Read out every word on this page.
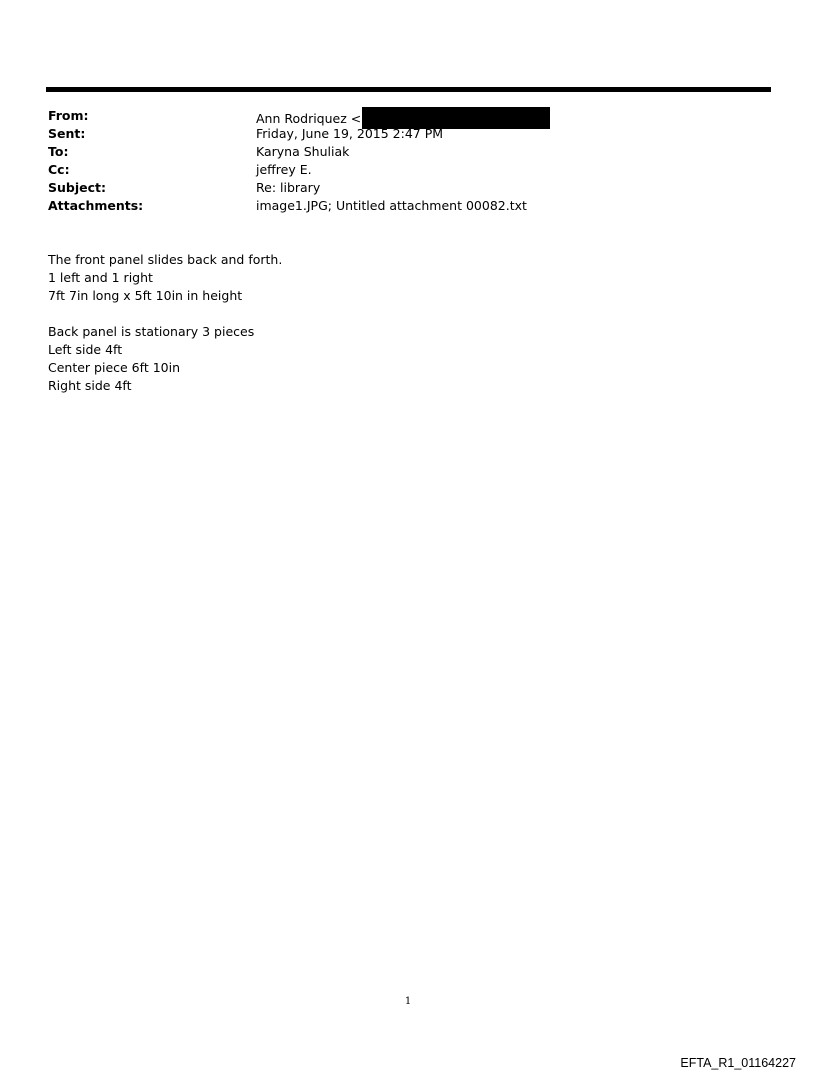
From:	Ann Rodriquez <
Sent:	Friday, June 19, 2015 2:47 PM
To:	Karyna Shuliak
Cc:	jeffrey E.
Subject:	Re: library
Attachments:	image1.JPG; Untitled attachment 00082.txt
The front panel slides back and forth.
1 left and 1 right
7ft 7in long x 5ft 10in in height
Back panel is stationary 3 pieces
Left side 4ft
Center piece 6ft 10in
Right side 4ft
1
EFTA_R1_01164227
